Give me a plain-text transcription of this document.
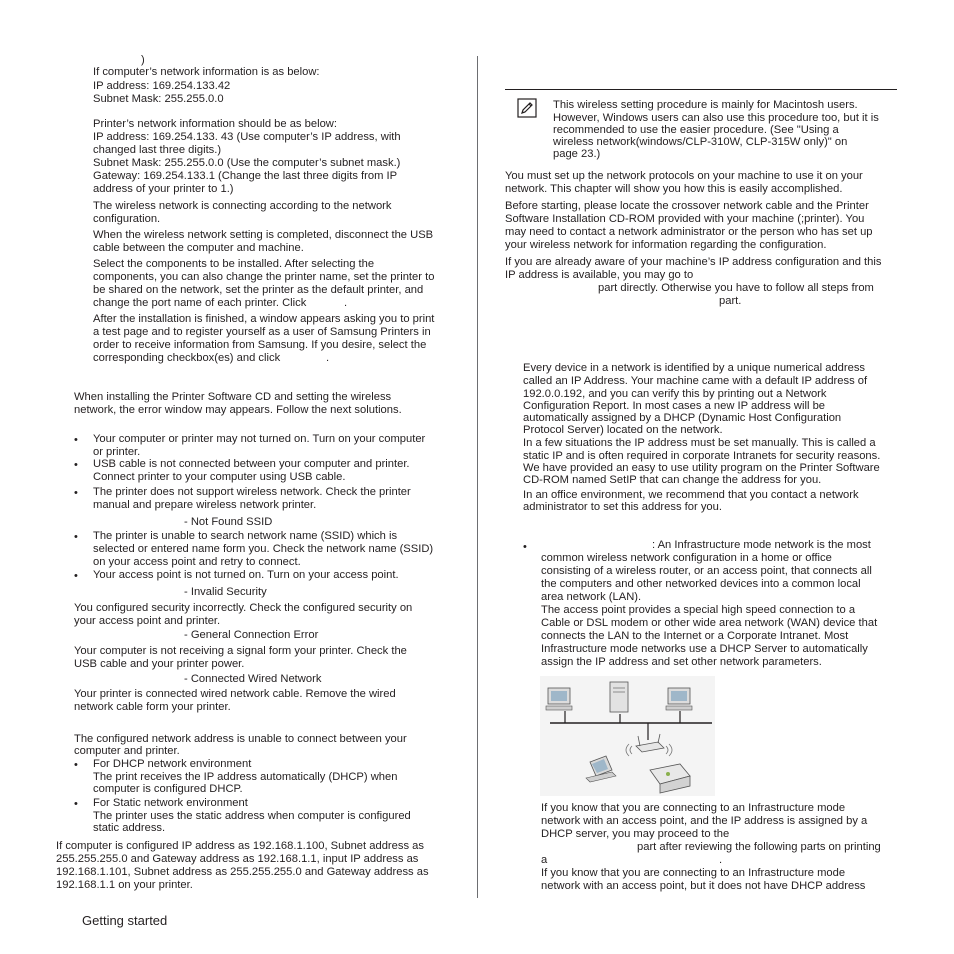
)

If computer’s network information is as below:

IP address: 169.254.133.42

Subnet Mask: 255.255.0.0

Printer’s network information should be as below:

IP address: 169.254.133. 43 (Use computer’s IP address, with

changed last three digits.)

Subnet Mask: 255.255.0.0 (Use the computer’s subnet mask.)

Gateway: 169.254.133.1 (Change the last three digits from IP

address of your printer to 1.)

The wireless network is connecting according to the network

configuration.

When the wireless network setting is completed, disconnect the USB

cable between the computer and machine.

Select the components to be installed. After selecting the

components, you can also change the printer name, set the printer to

be shared on the network, set the printer as the default printer, and

change the port name of each printer. Click	.

After the installation is finished, a window appears asking you to print

a test page and to register yourself as a user of Samsung Printers in

order to receive information from Samsung. If you desire, select the

corresponding checkbox(es) and click	.

When installing the Printer Software CD and setting the wireless

network, the error window may appears. Follow the next solutions.

• Your computer or printer may not turned on. Turn on your computer

or printer.

• USB cable is not connected between your computer and printer.

Connect printer to your computer using USB cable.

• The printer does not support wireless network. Check the printer

manual and prepare wireless network printer.

- Not Found SSID

• The printer is unable to search network name (SSID) which is

selected or entered name form you. Check the network name (SSID)

on your access point and retry to connect.

• Your access point is not turned on. Turn on your access point.

- Invalid Security

You configured security incorrectly. Check the configured security on

your access point and printer.

- General Connection Error

Your computer is not receiving a signal form your printer. Check the

USB cable and your printer power.

- Connected Wired Network

Your printer is connected wired network cable. Remove the wired

network cable form your printer.

The configured network address is unable to connect between your

computer and printer.

• For DHCP network environment

The print receives the IP address automatically (DHCP) when

computer is configured DHCP.

• For Static network environment

The printer uses the static address when computer is configured

static address.

If computer is configured IP address as 192.168.1.100, Subnet address as

255.255.255.0 and Gateway address as 192.168.1.1, input IP address as

192.168.1.101, Subnet address as 255.255.255.0 and Gateway address as

192.168.1.1 on your printer.

This wireless setting procedure is mainly for Macintosh users.

However, Windows users can also use this procedure too, but it is

recommended to use the easier procedure. (See "Using a

wireless network(windows/CLP-310W, CLP-315W only)" on

page 23.)

You must set up the network protocols on your machine to use it on your

network. This chapter will show you how this is easily accomplished.

Before starting, please locate the crossover network cable and the Printer

Software Installation CD-ROM provided with your machine (;printer). You

may need to contact a network administrator or the person who has set up

your wireless network for information regarding the configuration.

If you are already aware of your machine’s IP address configuration and this

IP address is available, you may go to

part directly. Otherwise you have to follow all steps from

part.

Every device in a network is identified by a unique numerical address

called an IP Address. Your machine came with a default IP address of

192.0.0.192, and you can verify this by printing out a Network

Configuration Report. In most cases a new IP address will be

automatically assigned by a DHCP (Dynamic Host Configuration

Protocol Server) located on the network.

In a few situations the IP address must be set manually. This is called a

static IP and is often required in corporate Intranets for security reasons.

We have provided an easy to use utility program on the Printer Software

CD-ROM named SetIP that can change the address for you.

In an office environment, we recommend that you contact a network

administrator to set this address for you.

•	: An Infrastructure mode network is the most

common wireless network configuration in a home or office

consisting of a wireless router, or an access point, that connects all

the computers and other networked devices into a common local

area network (LAN).

The access point provides a special high speed connection to a

Cable or DSL modem or other wide area network (WAN) device that

connects the LAN to the Internet or a Corporate Intranet. Most

Infrastructure mode networks use a DHCP Server to automatically

assign the IP address and set other network parameters.

If you know that you are connecting to an Infrastructure mode

network with an access point, and the IP address is assigned by a

DHCP server, you may proceed to the

part after reviewing the following parts on printing

a	.

If you know that you are connecting to an Infrastructure mode

network with an access point, but it does not have DHCP address

Getting started
